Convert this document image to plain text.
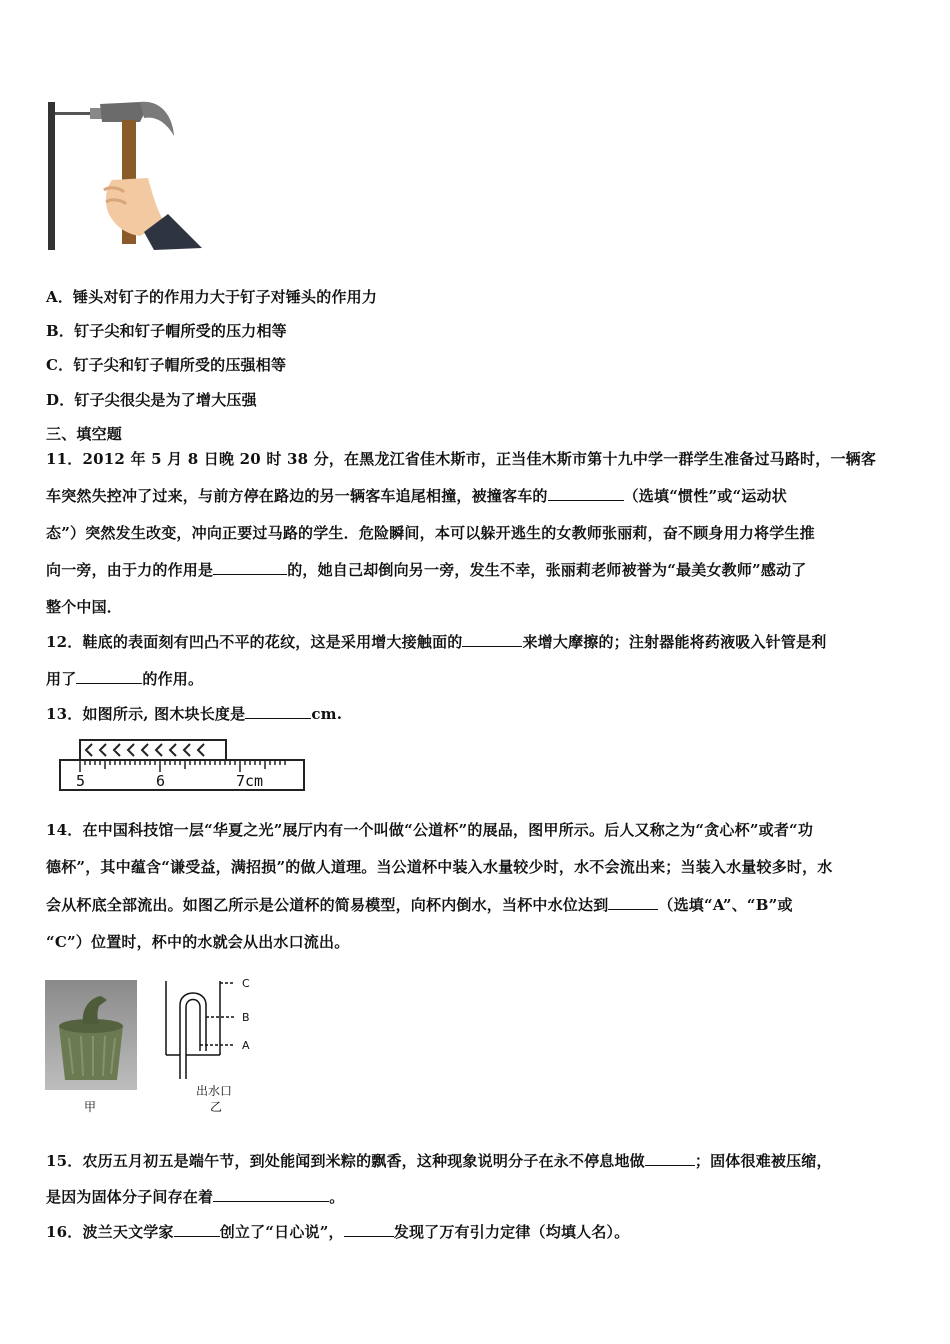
A．锤头对钉子的作用力大于钉子对锤头的作用力
B．钉子尖和钉子帽所受的压力相等
C．钉子尖和钉子帽所受的压强相等
D．钉子尖很尖是为了增大压强
三、填空题
11．2012 年 5 月 8 日晚 20 时 38 分，在黑龙江省佳木斯市，正当佳木斯市第十九中学一群学生准备过马路时，一辆客
车突然失控冲了过来，与前方停在路边的另一辆客车追尾相撞，被撞客车的	（选填“惯性”或“运动状
态”）突然发生改变，冲向正要过马路的学生．危险瞬间，本可以躲开逃生的女教师张丽莉，奋不顾身用力将学生推
向一旁，由于力的作用是	的，她自己却倒向另一旁，发生不幸，张丽莉老师被誉为“最美女教师”感动了
整个中国．
12．鞋底的表面刻有凹凸不平的花纹，这是采用增大接触面的	来增大摩擦的；注射器能将药液吸入针管是利
用了	的作用。
13．如图所示, 图木块长度是	cm.
5	6	7cm
14．在中国科技馆一层“华夏之光”展厅内有一个叫做“公道杯”的展品，图甲所示。后人又称之为“贪心杯”或者“功
德杯”，其中蕴含“谦受益，满招损”的做人道理。当公道杯中装入水量较少时，水不会流出来；当装入水量较多时，水
会从杯底全部流出。如图乙所示是公道杯的简易模型，向杯内倒水，当杯中水位达到	（选填“A”、“B”或
“C”）位置时，杯中的水就会从出水口流出。
甲
C
B
A
出水口
乙
15．农历五月初五是端午节，到处能闻到米粽的飘香，这种现象说明分子在永不停息地做	；固体很难被压缩，
是因为固体分子间存在着	。
16．波兰天文学家	创立了“日心说”，	发现了万有引力定律（均填人名）。
